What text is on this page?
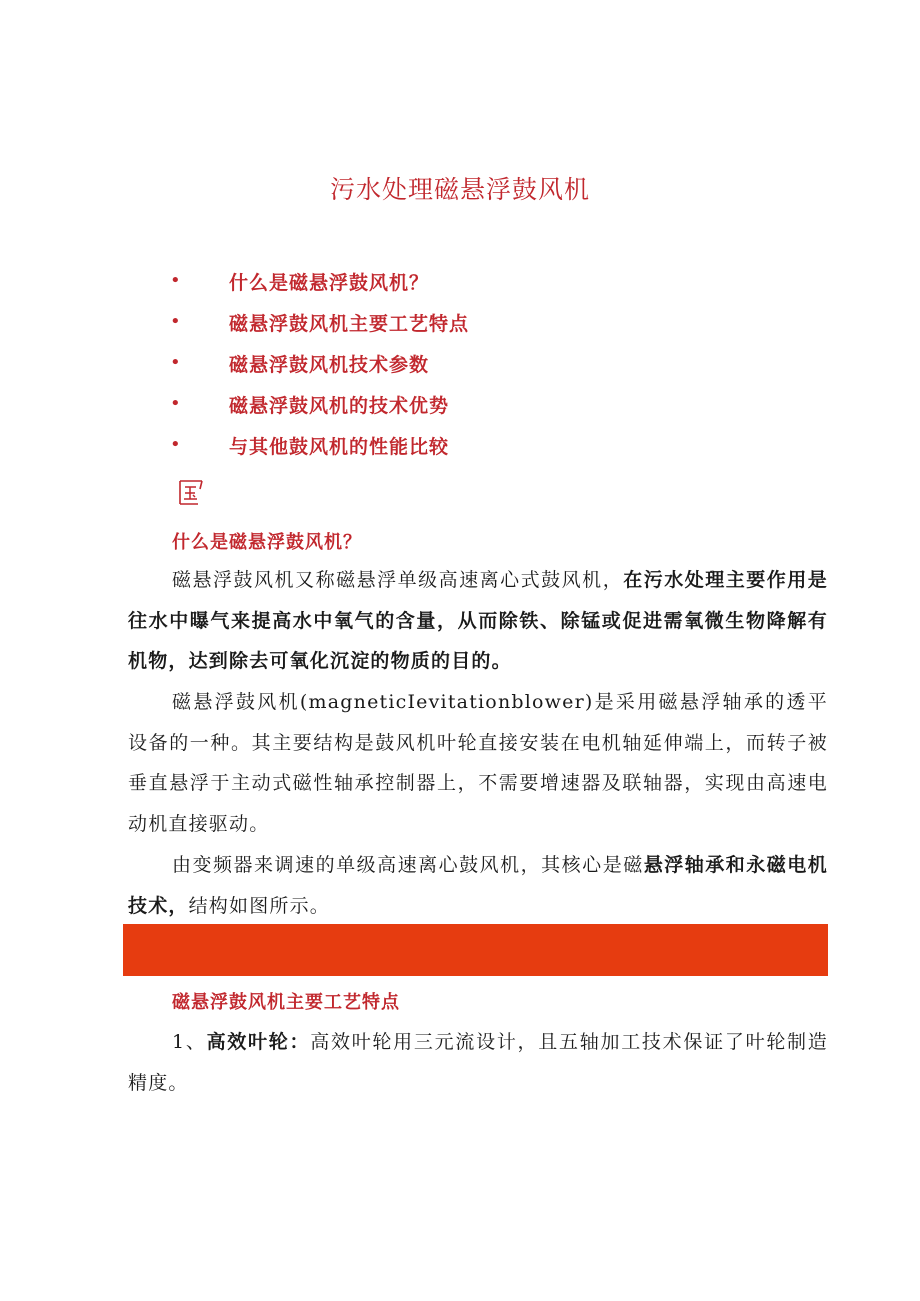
污水处理磁悬浮鼓风机
•	什么是磁悬浮鼓风机？
•	磁悬浮鼓风机主要工艺特点
•	磁悬浮鼓风机技术参数
•	磁悬浮鼓风机的技术优势
•	与其他鼓风机的性能比较
什么是磁悬浮鼓风机？
磁悬浮鼓风机又称磁悬浮单级高速离心式鼓风机，在污水处理主要作用是往水中曝气来提高水中氧气的含量，从而除铁、除锰或促进需氧微生物降解有机物，达到除去可氧化沉淀的物质的目的。
磁悬浮鼓风机(magneticIevitationblower)是采用磁悬浮轴承的透平设备的一种。其主要结构是鼓风机叶轮直接安装在电机轴延伸端上，而转子被垂直悬浮于主动式磁性轴承控制器上，不需要增速器及联轴器，实现由高速电动机直接驱动。
由变频器来调速的单级高速离心鼓风机，其核心是磁悬浮轴承和永磁电机技术，结构如图所示。
磁悬浮鼓风机主要工艺特点
1、高效叶轮：高效叶轮用三元流设计，且五轴加工技术保证了叶轮制造精度。
